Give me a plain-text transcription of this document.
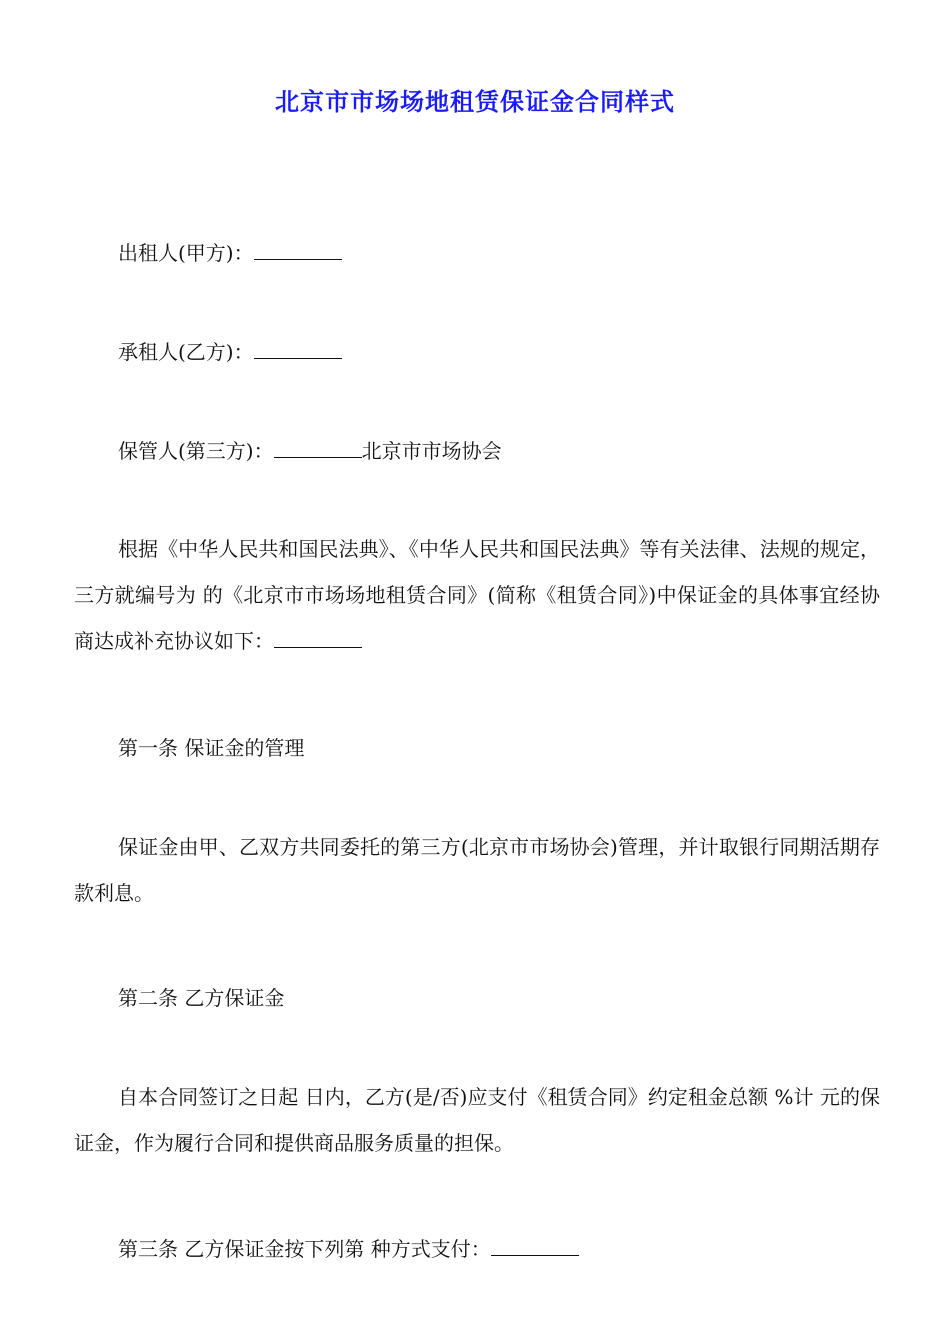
北京市市场场地租赁保证金合同样式
出租人(甲方)：
承租人(乙方)：
保管人(第三方)：	北京市市场协会
根据《中华人民共和国民法典》、《中华人民共和国民法典》等有关法律、法规的规定，三方就编号为 的《北京市市场场地租赁合同》(简称《租赁合同》)中保证金的具体事宜经协商达成补充协议如下：
第一条 保证金的管理
保证金由甲、乙双方共同委托的第三方(北京市市场协会)管理，并计取银行同期活期存款利息。
第二条 乙方保证金
自本合同签订之日起 日内，乙方(是/否)应支付《租赁合同》约定租金总额 %计 元的保证金，作为履行合同和提供商品服务质量的担保。
第三条 乙方保证金按下列第 种方式支付：
